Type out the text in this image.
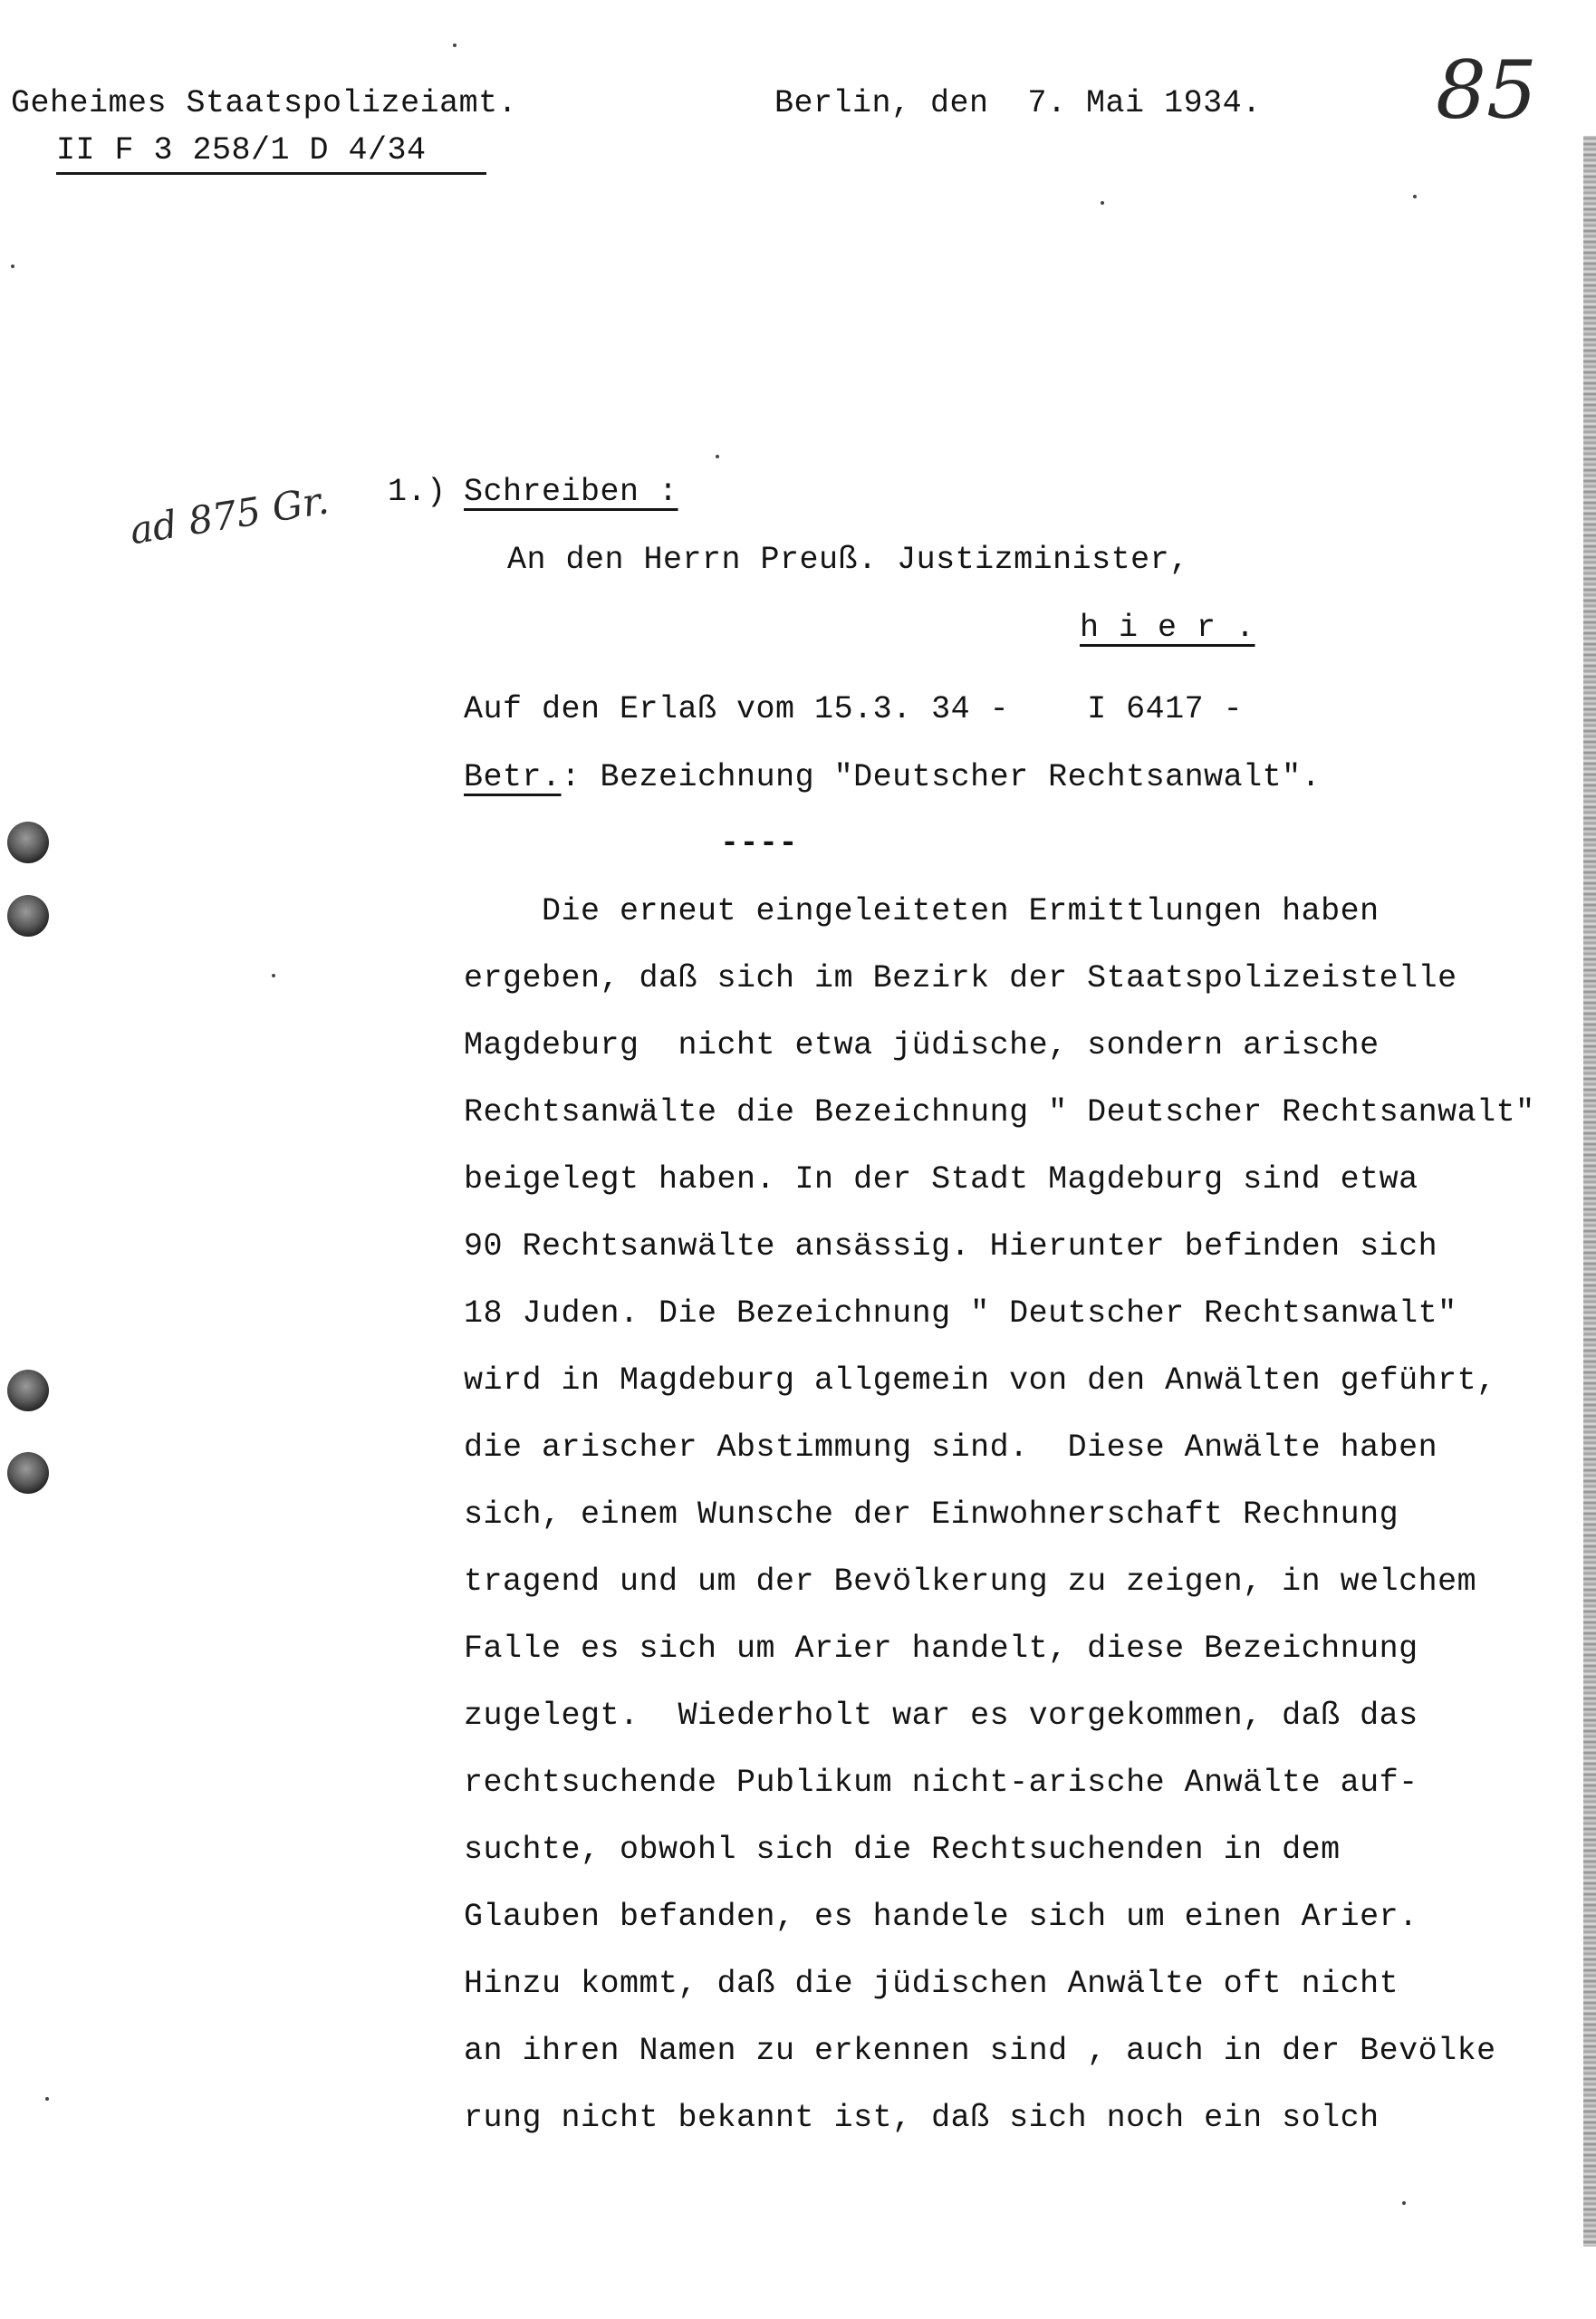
Geheimes Staatspolizeiamt.
II F 3 258/1 D 4/34
Berlin, den  7. Mai 1934. 85
ad 875 Gr. 1.) Schreiben :
An den Herrn Preuß. Justizminister,
h i e r .
Auf den Erlaß vom 15.3. 34 -    I 6417 -
Betr.: Bezeichnung "Deutscher Rechtsanwalt".
----
Die erneut eingeleiteten Ermittlungen haben
ergeben, daß sich im Bezirk der Staatspolizeistelle
Magdeburg  nicht etwa jüdische, sondern arische
Rechtsanwälte die Bezeichnung " Deutscher Rechtsanwalt"
beigelegt haben. In der Stadt Magdeburg sind etwa
90 Rechtsanwälte ansässig. Hierunter befinden sich
18 Juden. Die Bezeichnung " Deutscher Rechtsanwalt"
wird in Magdeburg allgemein von den Anwälten geführt,
die arischer Abstimmung sind.  Diese Anwälte haben
sich, einem Wunsche der Einwohnerschaft Rechnung
tragend und um der Bevölkerung zu zeigen, in welchem
Falle es sich um Arier handelt, diese Bezeichnung
zugelegt.  Wiederholt war es vorgekommen, daß das
rechtsuchende Publikum nicht-arische Anwälte auf-
suchte, obwohl sich die Rechtsuchenden in dem
Glauben befanden, es handele sich um einen Arier.
Hinzu kommt, daß die jüdischen Anwälte oft nicht
an ihren Namen zu erkennen sind , auch in der Bevölke
rung nicht bekannt ist, daß sich noch ein solch
